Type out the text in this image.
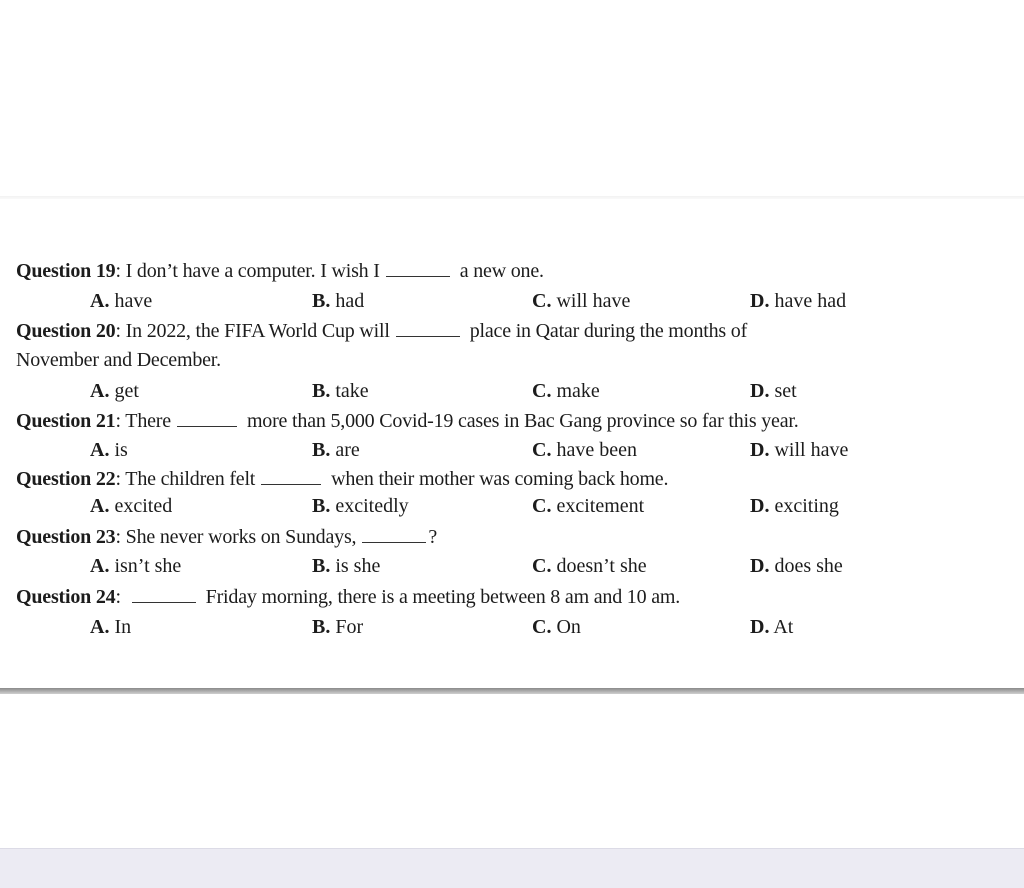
Question 19: I don’t have a computer. I wish I	a new one.
A. have	B. had	C. will have	D. have had
Question 20: In 2022, the FIFA World Cup will	place in Qatar during the months of
November and December.
A. get	B. take	C. make	D. set
Question 21: There	more than 5,000 Covid-19 cases in Bac Gang province so far this year.
A. is	B. are	C. have been	D. will have
Question 22: The children felt	when their mother was coming back home.
A. excited	B. excitedly	C. excitement	D. exciting
Question 23: She never works on Sundays,	?
A. isn’t she	B. is she	C. doesn’t she	D. does she
Question 24:	Friday morning, there is a meeting between 8 am and 10 am.
A. In	B. For	C. On	D. At
